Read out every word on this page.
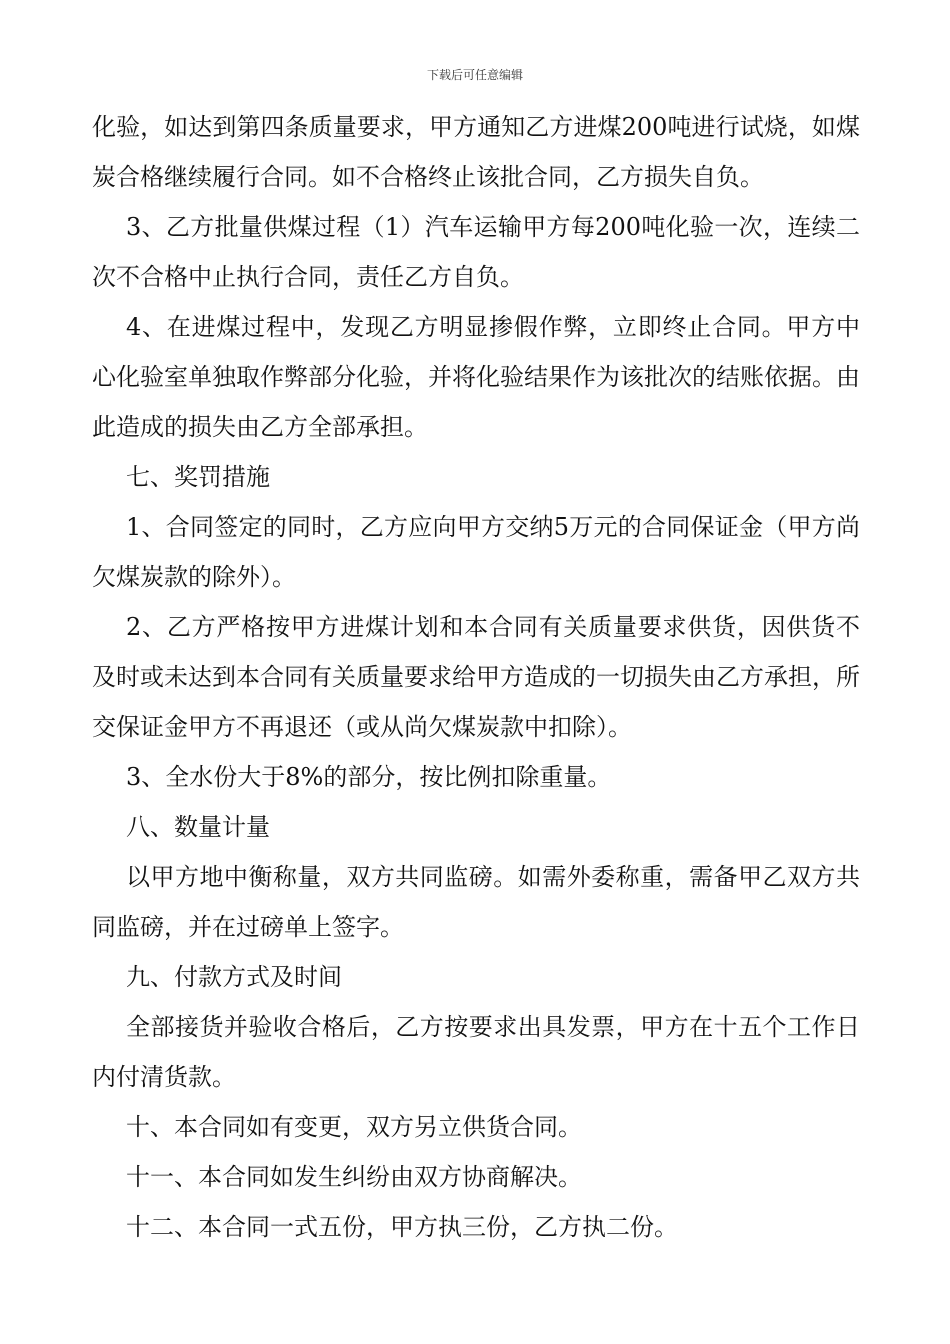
下载后可任意编辑

化验，如达到第四条质量要求，甲方通知乙方进煤200吨进行试烧，如煤炭合格继续履行合同。如不合格终止该批合同，乙方损失自负。

3、乙方批量供煤过程（1）汽车运输甲方每200吨化验一次，连续二次不合格中止执行合同，责任乙方自负。

4、在进煤过程中，发现乙方明显掺假作弊，立即终止合同。甲方中心化验室单独取作弊部分化验，并将化验结果作为该批次的结账依据。由此造成的损失由乙方全部承担。

七、奖罚措施

1、合同签定的同时，乙方应向甲方交纳5万元的合同保证金（甲方尚欠煤炭款的除外）。

2、乙方严格按甲方进煤计划和本合同有关质量要求供货，因供货不及时或未达到本合同有关质量要求给甲方造成的一切损失由乙方承担，所交保证金甲方不再退还（或从尚欠煤炭款中扣除）。

3、全水份大于8%的部分，按比例扣除重量。

八、数量计量

以甲方地中衡称量，双方共同监磅。如需外委称重，需备甲乙双方共同监磅，并在过磅单上签字。

九、付款方式及时间

全部接货并验收合格后，乙方按要求出具发票，甲方在十五个工作日内付清货款。

十、本合同如有变更，双方另立供货合同。

十一、本合同如发生纠纷由双方协商解决。

十二、本合同一式五份，甲方执三份，乙方执二份。
